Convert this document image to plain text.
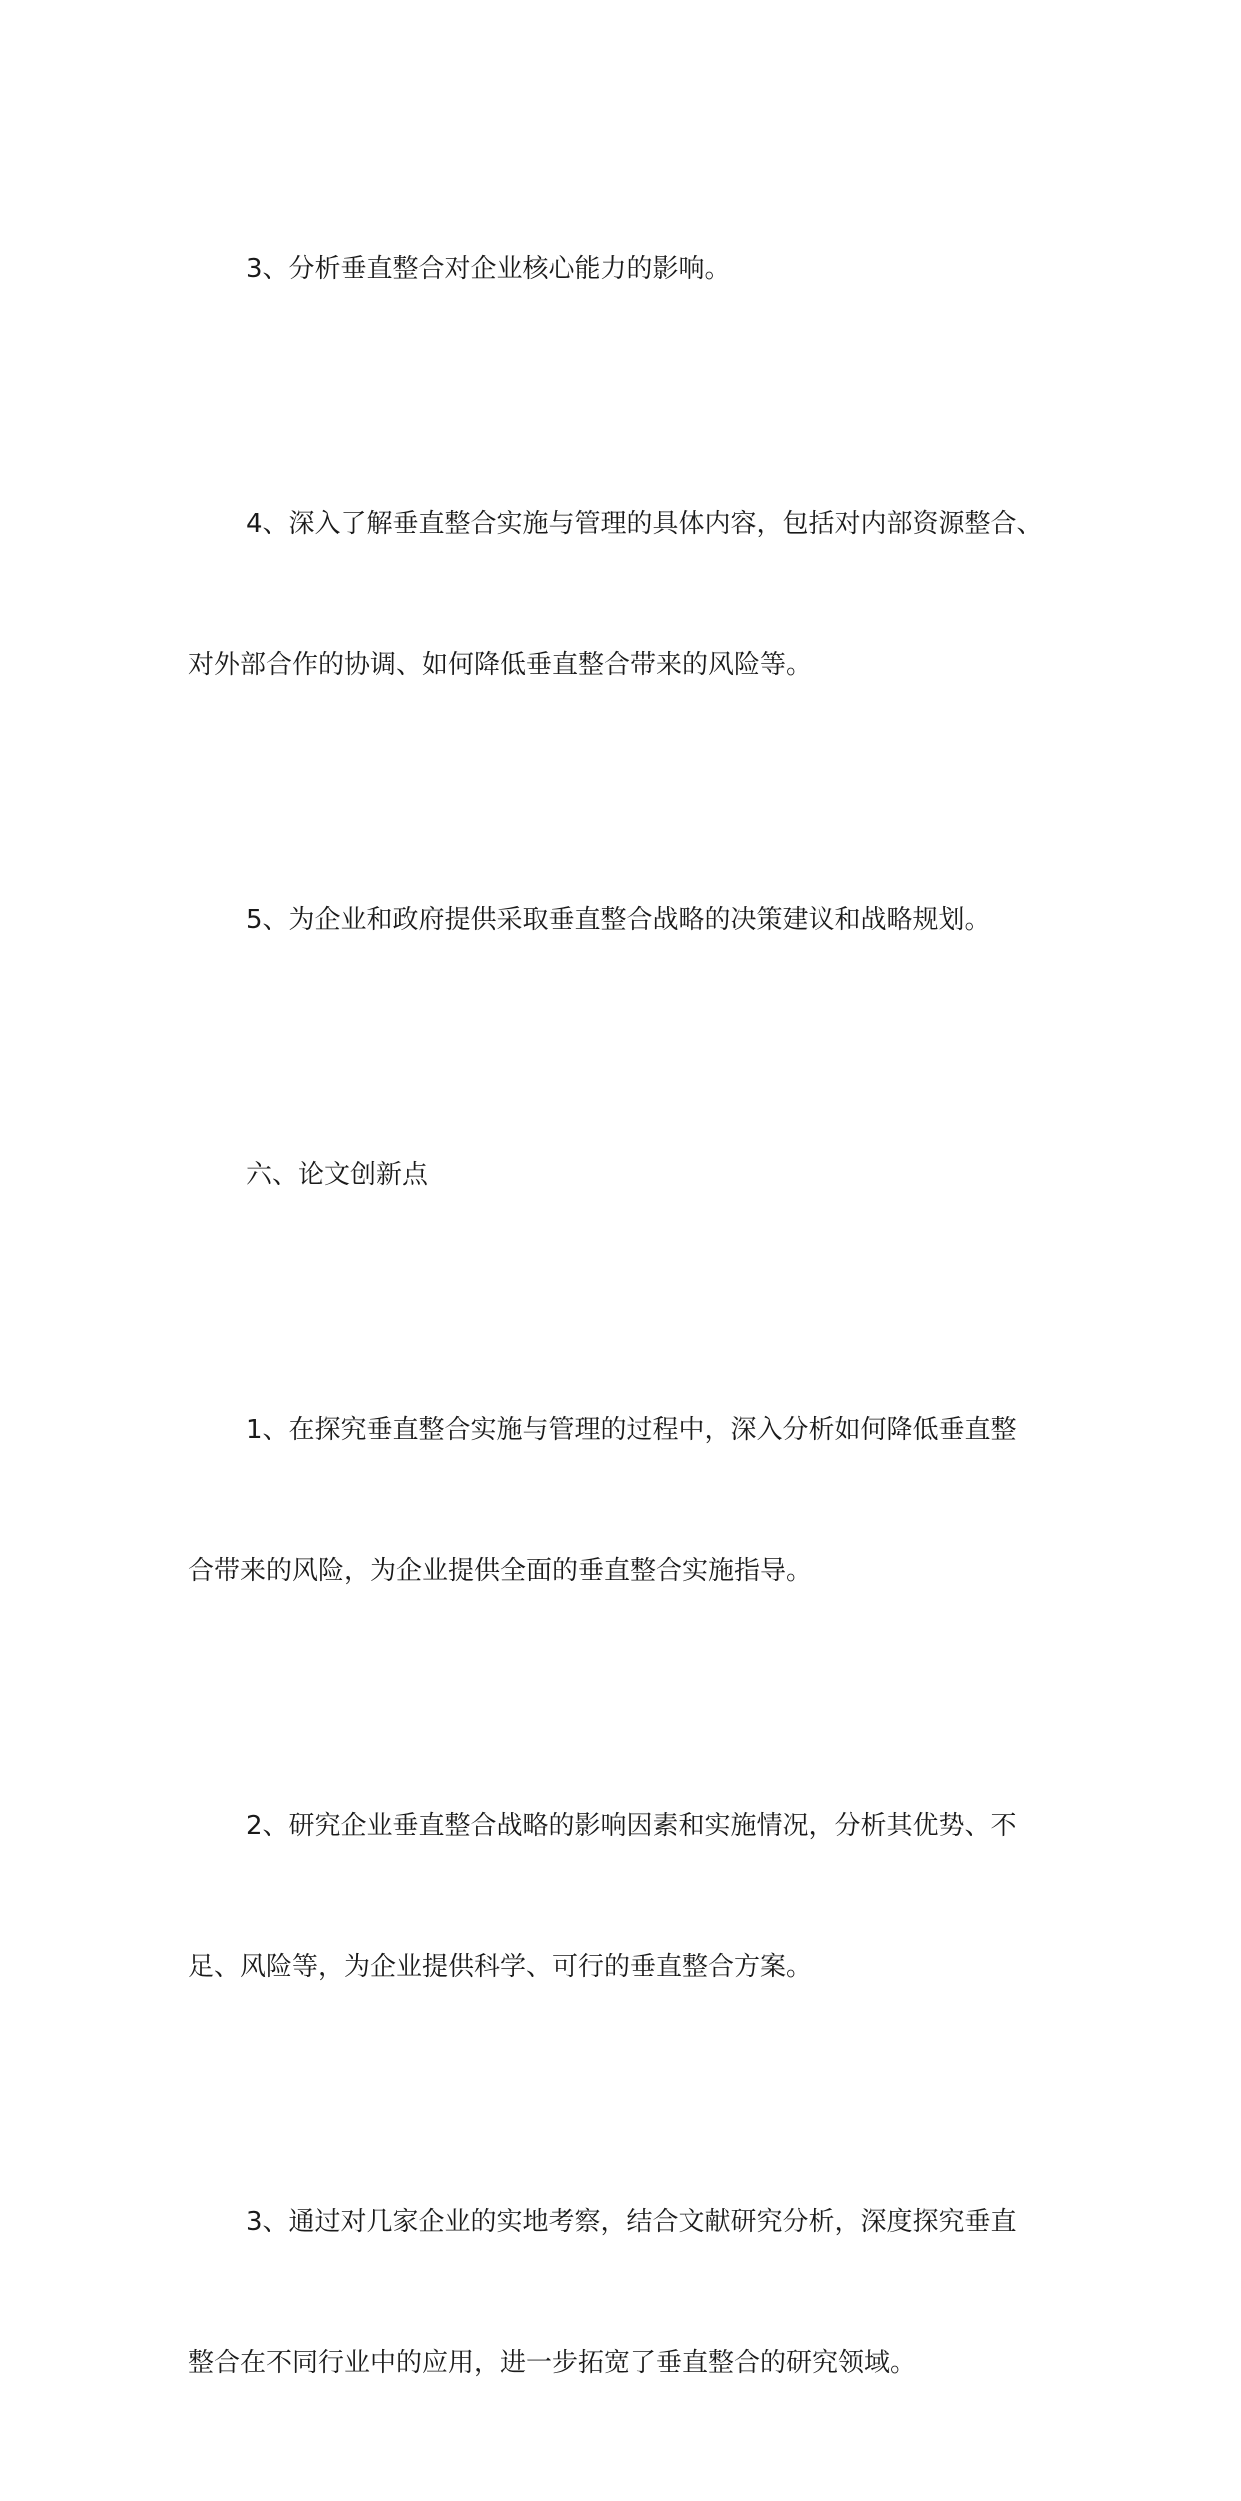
3、分析垂直整合对企业核心能力的影响。

4、深入了解垂直整合实施与管理的具体内容，包括对内部资源整合、

对外部合作的协调、如何降低垂直整合带来的风险等。

5、为企业和政府提供采取垂直整合战略的决策建议和战略规划。

六、论文创新点

1、在探究垂直整合实施与管理的过程中，深入分析如何降低垂直整

合带来的风险，为企业提供全面的垂直整合实施指导。

2、研究企业垂直整合战略的影响因素和实施情况，分析其优势、不

足、风险等，为企业提供科学、可行的垂直整合方案。

3、通过对几家企业的实地考察，结合文献研究分析，深度探究垂直

整合在不同行业中的应用，进一步拓宽了垂直整合的研究领域。
